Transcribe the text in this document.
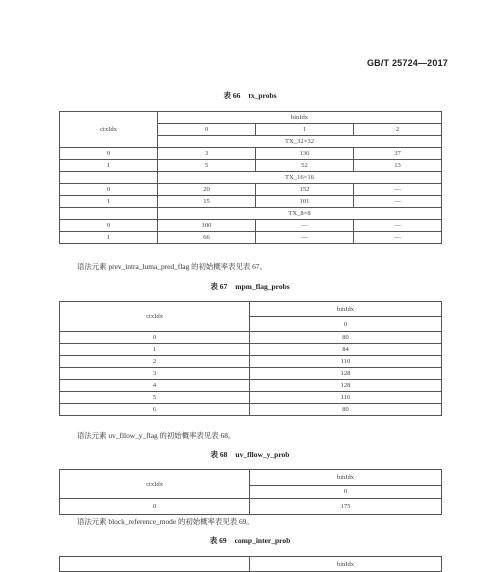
GB/T 25724—2017
表 66 tx_probs
ctxIdx	binIdx		
	0	1	2
	TX_32×32		
0	3	136	37
1	5	52	13
	TX_16×16		
0	20	152	—
1	15	101	—
	TX_8×8		
0	100	—	—
1	66	—	—
语法元素 prev_intra_luma_pred_flag 的初始概率表见表 67。
表 67 mpm_flag_probs
ctxIdx	binIdx
	0
0	80
1	84
2	110
3	128
4	128
5	110
6	80
语法元素 uv_fllow_y_flag 的初始概率表见表 68。
表 68 uv_fllow_y_prob
ctxIdx	binIdx
	0
0	175
语法元素 block_reference_mode 的初始概率表见表 69。
表 69 comp_inter_prob
	binIdx
